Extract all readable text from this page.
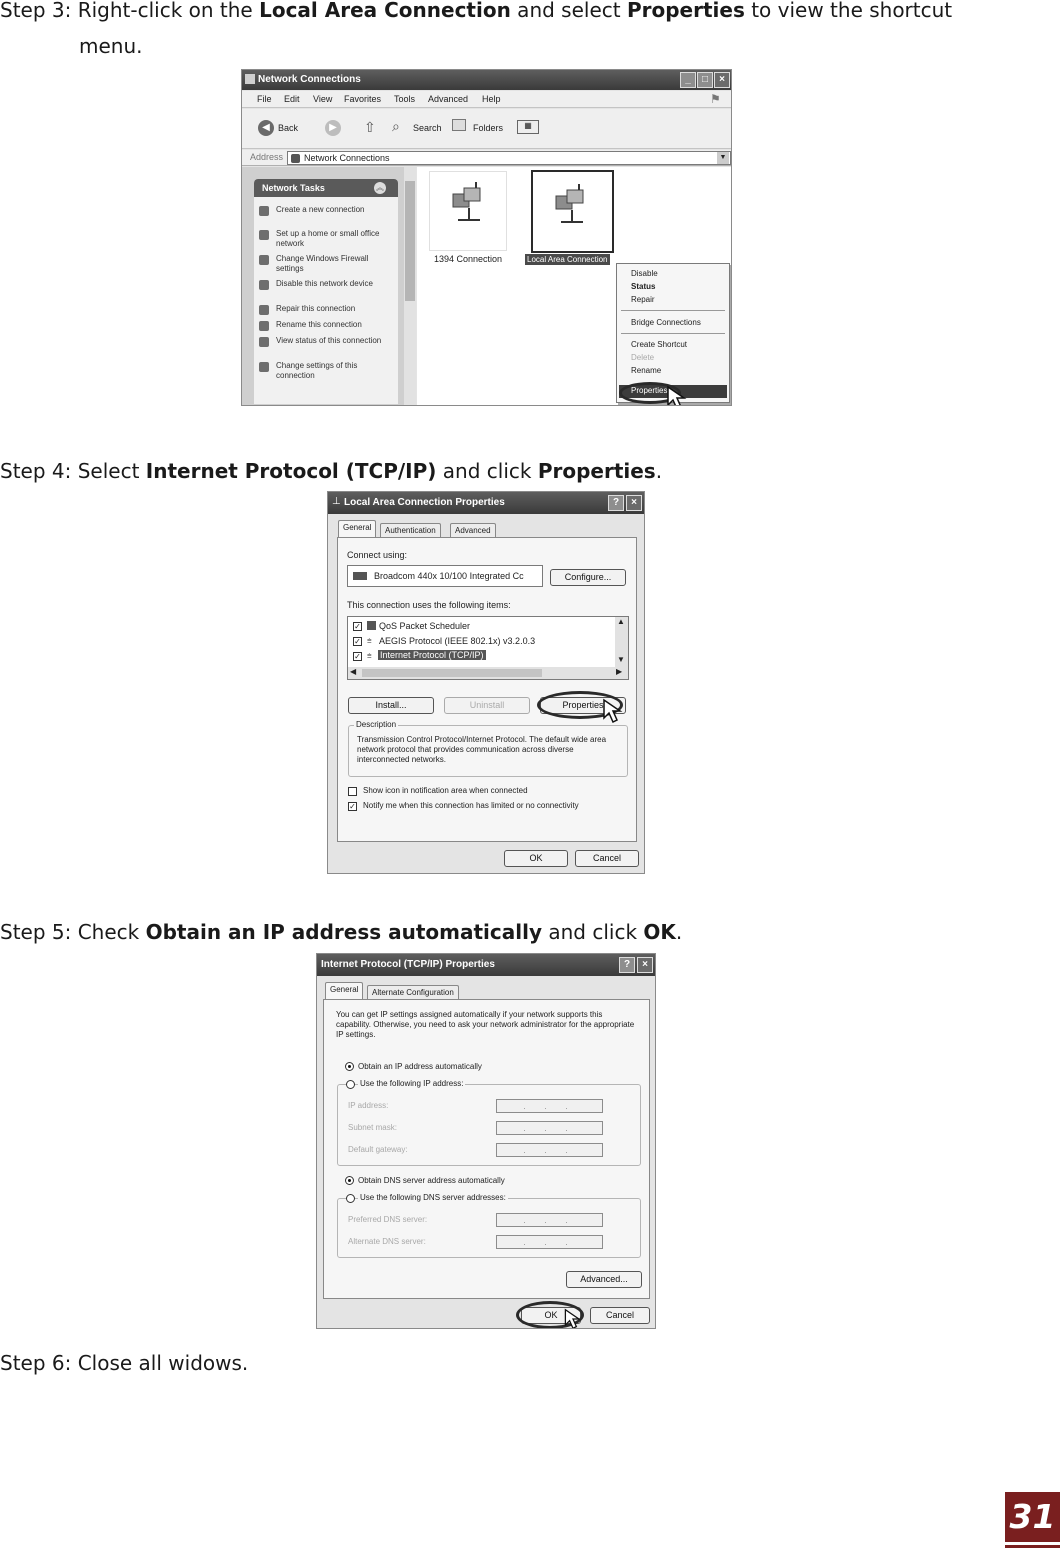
Step 3: Right-click on the Local Area Connection and select Properties to view the shortcut
menu.
Network Connections	_	□	×
File Edit View Favorites Tools Advanced Help	⚑
◀ Back	▶ ⇧ ⌕ Search	Folders	▦
Address Network Connections	▼
Network Tasks	︽
Create a new connection
Set up a home or small office network
Change Windows Firewall settings
Disable this network device
Repair this connection
Rename this connection
View status of this connection
Change settings of this connection
1394 Connection	Local Area Connection
Disable
Status
Repair
Bridge Connections
Create Shortcut
Delete
Rename
Properties
Step 4: Select Internet Protocol (TCP/IP) and click Properties.
Local Area Connection Properties
⊥	?	×
General	Authentication	Advanced
Connect using:
Broadcom 440x 10/100 Integrated Cc	Configure...
This connection uses the following items:
✓ QoS Packet Scheduler
✓ ⩧ AEGIS Protocol (IEEE 802.1x) v3.2.0.3
✓ ⩧ Internet Protocol (TCP/IP)
▲
▼
◀	▶
Install...	Uninstall	Properties
Description
Transmission Control Protocol/Internet Protocol. The default wide area network protocol that provides communication across diverse interconnected networks.
Show icon in notification area when connected
✓ Notify me when this connection has limited or no connectivity
OK	Cancel
Step 5: Check Obtain an IP address automatically and click OK.
Internet Protocol (TCP/IP) Properties	?	×
General	Alternate Configuration
You can get IP settings assigned automatically if your network supports this capability. Otherwise, you need to ask your network administrator for the appropriate IP settings.
Obtain an IP address automatically
Use the following IP address:
IP address:	. . .
Subnet mask:	. . .
Default gateway:	. . .
Obtain DNS server address automatically
Use the following DNS server addresses:
Preferred DNS server:	. . .
Alternate DNS server:	. . .
Advanced...
OK	Cancel
Step 6: Close all widows.
31
